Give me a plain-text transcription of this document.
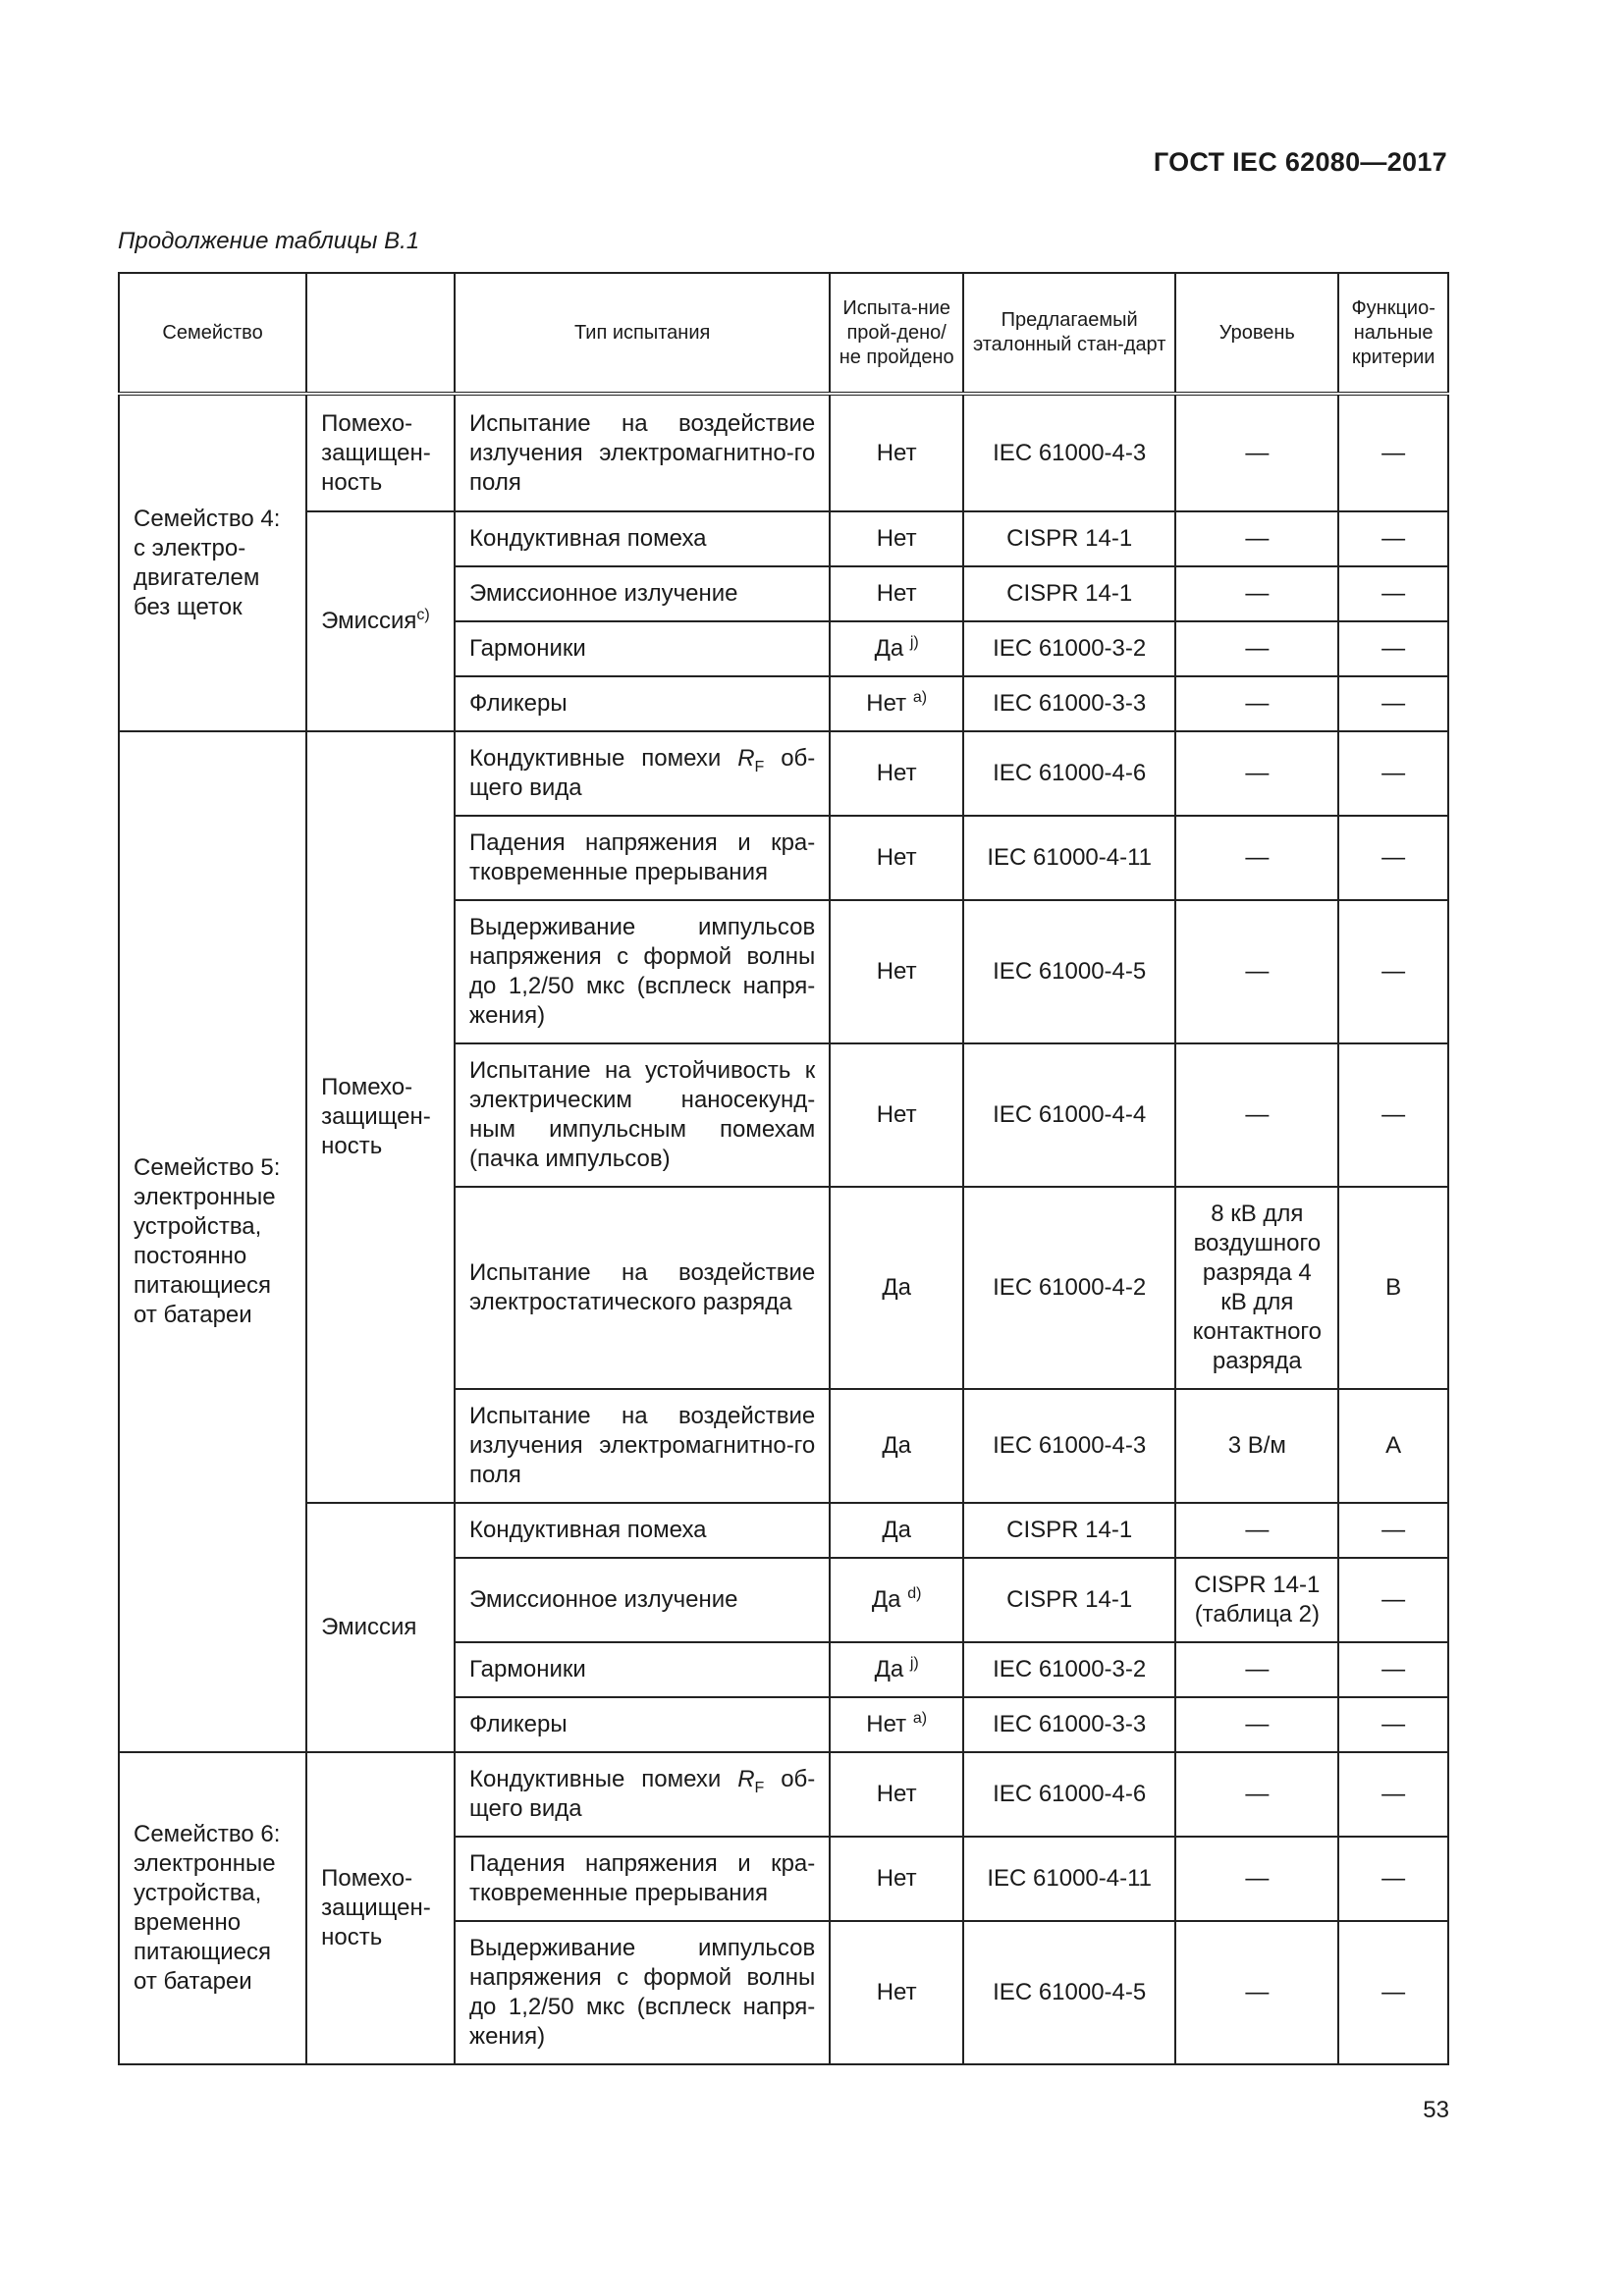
ГОСТ IEC 62080—2017
Продолжение таблицы В.1
Семейство		Тип испытания	Испыта-ние прой-дено/не пройдено	Предлагаемый эталонный стан-дарт	Уровень	Функцио-нальные критерии
Семейство 4: с электро-двигателем без щеток	Помехо-защищен-ность	Испытание на воздействие излучения электромагнитно-го поля	Нет	IEC 61000-4-3	—	—
	Эмиссия$^{c)}$	Кондуктивная помеха	Нет	CISPR 14-1	—	—
		Эмиссионное излучение	Нет	CISPR 14-1	—	—
		Гармоники	Да $^{j)}$	IEC 61000-3-2	—	—
		Фликеры	Нет $^{a)}$	IEC 61000-3-3	—	—
Семейство 5: электронные устройства, постоянно питающиеся от батареи	Помехо-защищен-ность	Кондуктивные помехи $R_F$ об-щего вида	Нет	IEC 61000-4-6	—	—
		Падения напряжения и кра-тковременные прерывания	Нет	IEC 61000-4-11	—	—
		Выдерживание импульсов напряжения с формой волны до 1,2/50 мкс (всплеск напря-жения)	Нет	IEC 61000-4-5	—	—
		Испытание на устойчивость к электрическим наносекунд-ным импульсным помехам (пачка импульсов)	Нет	IEC 61000-4-4	—	—
		Испытание на воздействие электростатического разряда	Да	IEC 61000-4-2	8 кВ для воздушного разряда 4 кВ для контактного разряда	B
		Испытание на воздействие излучения электромагнитно-го поля	Да	IEC 61000-4-3	3 В/м	А
	Эмиссия	Кондуктивная помеха	Да	CISPR 14-1	—	—
		Эмиссионное излучение	Да $^{d)}$	CISPR 14-1	CISPR 14-1 (таблица 2)	—
		Гармоники	Да $^{j)}$	IEC 61000-3-2	—	—
		Фликеры	Нет $^{a)}$	IEC 61000-3-3	—	—
Семейство 6: электронные устройства, временно питающиеся от батареи	Помехо-защищен-ность	Кондуктивные помехи $R_F$ об-щего вида	Нет	IEC 61000-4-6	—	—
		Падения напряжения и кра-тковременные прерывания	Нет	IEC 61000-4-11	—	—
		Выдерживание импульсов напряжения с формой волны до 1,2/50 мкс (всплеск напря-жения)	Нет	IEC 61000-4-5	—	—
53
